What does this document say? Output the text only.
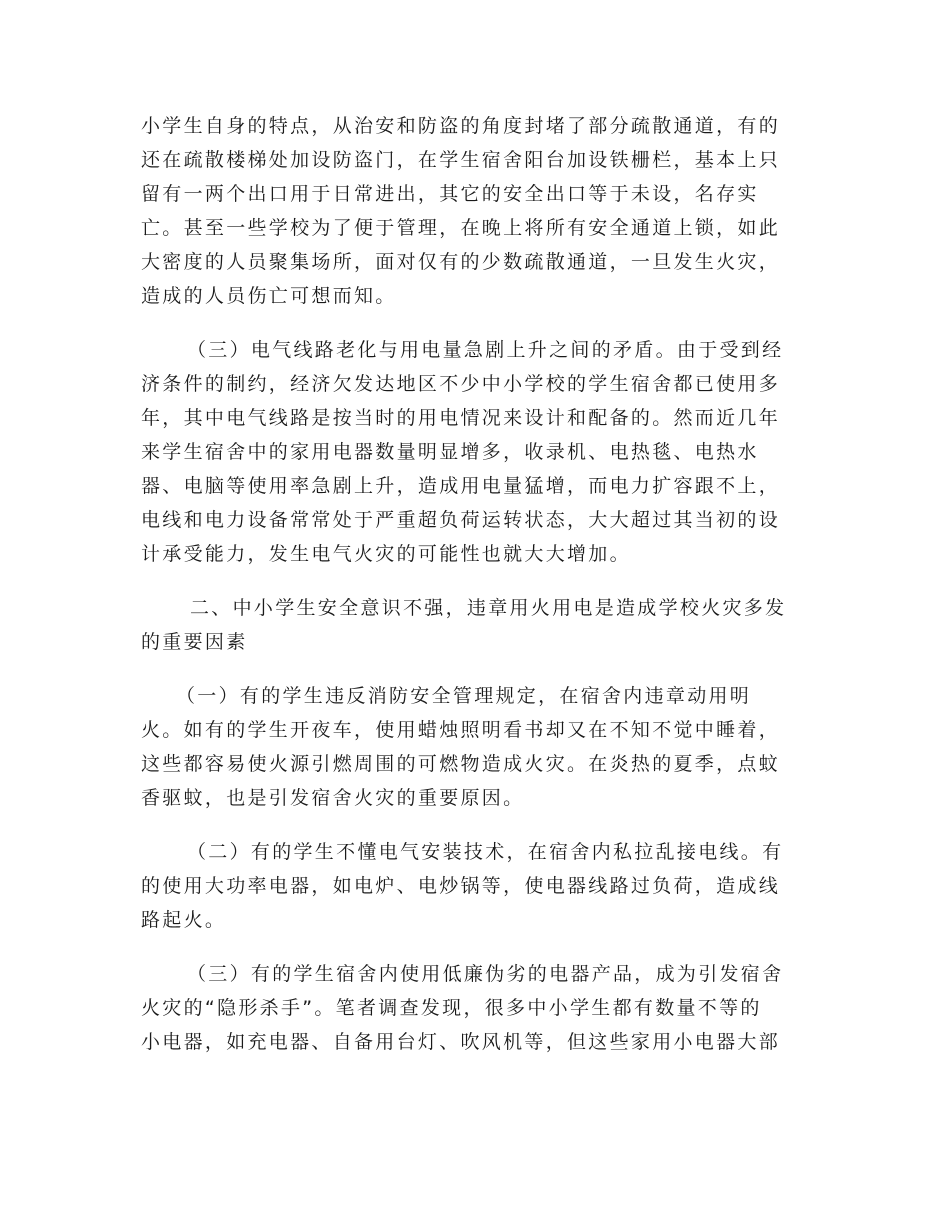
小学生自身的特点，从治安和防盗的角度封堵了部分疏散通道，有的
还在疏散楼梯处加设防盗门，在学生宿舍阳台加设铁栅栏，基本上只
留有一两个出口用于日常进出，其它的安全出口等于未设，名存实
亡。甚至一些学校为了便于管理，在晚上将所有安全通道上锁，如此
大密度的人员聚集场所，面对仅有的少数疏散通道，一旦发生火灾，
造成的人员伤亡可想而知。
（三）电气线路老化与用电量急剧上升之间的矛盾。由于受到经
济条件的制约，经济欠发达地区不少中小学校的学生宿舍都已使用多
年，其中电气线路是按当时的用电情况来设计和配备的。然而近几年
来学生宿舍中的家用电器数量明显增多，收录机、电热毯、电热水
器、电脑等使用率急剧上升，造成用电量猛增，而电力扩容跟不上，
电线和电力设备常常处于严重超负荷运转状态，大大超过其当初的设
计承受能力，发生电气火灾的可能性也就大大增加。
二、中小学生安全意识不强，违章用火用电是造成学校火灾多发
的重要因素
（一）有的学生违反消防安全管理规定，在宿舍内违章动用明
火。如有的学生开夜车，使用蜡烛照明看书却又在不知不觉中睡着，
这些都容易使火源引燃周围的可燃物造成火灾。在炎热的夏季，点蚊
香驱蚊，也是引发宿舍火灾的重要原因。
（二）有的学生不懂电气安装技术，在宿舍内私拉乱接电线。有
的使用大功率电器，如电炉、电炒锅等，使电器线路过负荷，造成线
路起火。
（三）有的学生宿舍内使用低廉伪劣的电器产品，成为引发宿舍
火灾的“隐形杀手”。笔者调查发现，很多中小学生都有数量不等的
小电器，如充电器、自备用台灯、吹风机等，但这些家用小电器大部
